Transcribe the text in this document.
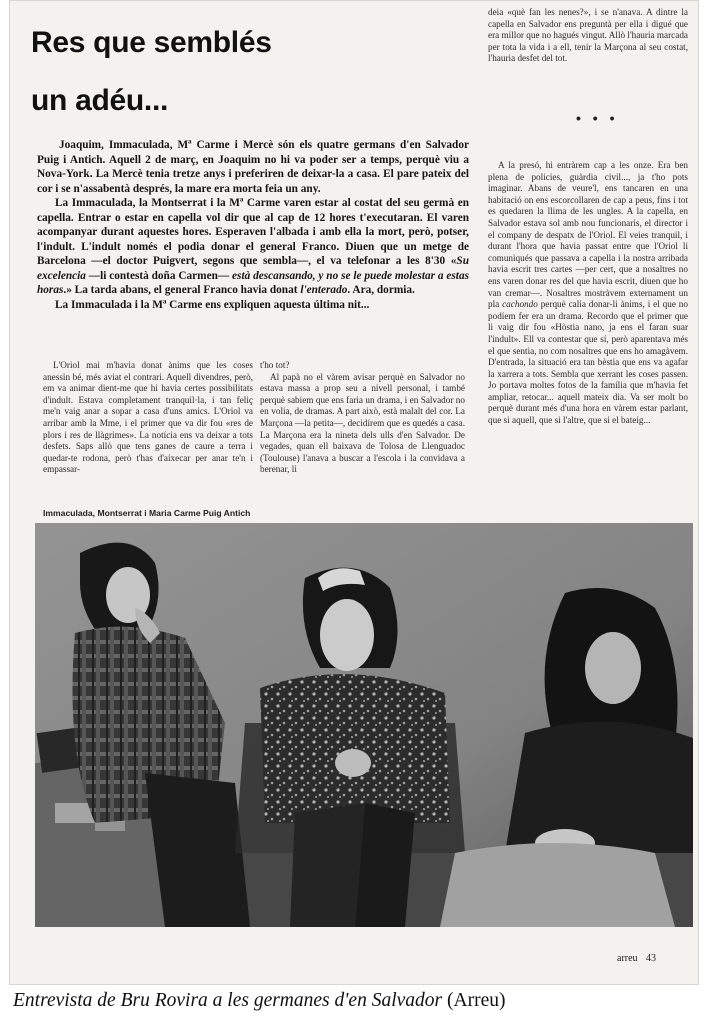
Res que semblés
un adéu...

Joaquim, Immaculada, Mª Carme i Mercè són els quatre germans d'en Salvador Puig i Antich. Aquell 2 de març, en Joaquim no hi va poder ser a temps, perquè viu a Nova-York. La Mercè tenia tretze anys i preferiren de deixar-la a casa. El pare pateix del cor i se n'assabentà després, la mare era morta feia un any.

La Immaculada, la Montserrat i la Mª Carme varen estar al costat del seu germà en capella. Entrar o estar en capella vol dir que al cap de 12 hores t'executaran. El varen acompanyar durant aquestes hores. Esperaven l'albada i amb ella la mort, però, potser, l'indult. L'indult només el podia donar el general Franco. Diuen que un metge de Barcelona —el doctor Puigvert, segons que sembla—, el va telefonar a les 8'30 «Su excelencia —li contestà doña Carmen— està descansando, y no se le puede molestar a estas horas.» La tarda abans, el general Franco havia donat l'enterado. Ara, dormia.

La Immaculada i la Mª Carme ens expliquen aquesta última nit...

L'Oriol mai m'havia donat ànims que les coses anessin bé, més aviat el contrari. Aquell divendres, però, em va animar dient-me que hi havia certes possibilitats d'indult. Estava completament tranquil·la, i tan feliç me'n vaig anar a sopar a casa d'uns amics. L'Oriol va arribar amb la Mme, i el primer que va dir fou «res de plors i res de llàgrimes». La notícia ens va deixar a tots desfets. Saps allò que tens ganes de caure a terra i quedar-te rodona, però t'has d'aixecar per anar te'n i empassar-

t'ho tot?

Al papà no el vàrem avisar perquè en Salvador no estava massa a prop seu a nivell personal, i també perquè sabíem que ens faria un drama, i en Salvador no en volia, de dramas. A part això, està malalt del cor. La Marçona —la petita—, decidírem que es quedés a casa. La Marçona era la nineta dels ulls d'en Salvador. De vegades, quan ell baixava de Tolosa de Llenguadoc (Toulouse) l'anava a buscar a l'escola i la convidava a berenar, li

deia «què fan les nenes?», i se n'anava. A dintre la capella en Salvador ens preguntà per ella i digué que era millor que no hagués vingut. Allò l'hauria marcada per tota la vida i a ell, tenir la Marçona al seu costat, l'hauria desfet del tot.

• • •

A la presó, hi entràrem cap a les onze. Era ben plena de policies, guàrdia civil..., ja t'ho pots imaginar. Abans de veure'l, ens tancaren en una habitació on ens escorcollaren de cap a peus, fins i tot es quedaren la llima de les ungles. A la capella, en Salvador estava sol amb nou funcionaris, el director i el company de despatx de l'Oriol. El veies tranquil, i durant l'hora que havia passat entre que l'Oriol li comuniqués que passava a capella i la nostra arribada havia escrit tres cartes —per cert, que a nosaltres no ens varen donar res del que havia escrit, diuen que ho van cremar—. Nosaltres mostràvem externament un pla cachondo perquè calia donar-li ànims, i el que no podíem fer era un drama. Recordo que el primer que li vaig dir fou «Hòstia nano, ja ens el faran suar l'indult». Ell va contestar que sí, però aparentava més el que sentia, no com nosaltres que ens ho amagàvem. D'entrada, la situació era tan bèstia que ens va agafar la xarrera a tots. Sembla que xerrant les coses passen. Jo portava moltes fotos de la família que m'havia fet ampliar, retocar... aquell mateix dia. Va ser molt bo perquè durant més d'una hora en vàrem estar parlant, que si aquell, que si l'altre, que si el bateig...

Immaculada, Montserrat i Maria Carme Puig Antich
arreu 43
Entrevista de Bru Rovira a les germanes d'en Salvador (Arreu)
